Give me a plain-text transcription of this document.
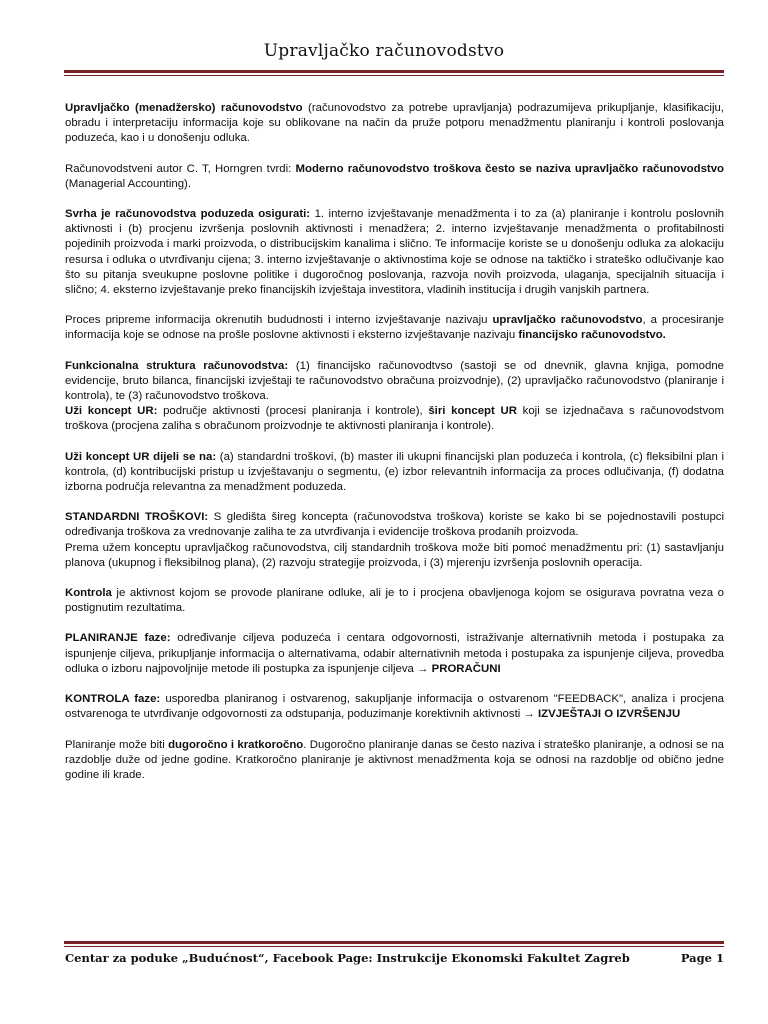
Upravljačko računovodstvo

Upravljačko (menadžersko) računovodstvo (računovodstvo za potrebe upravljanja) podrazumijeva prikupljanje, klasifikaciju, obradu i interpretaciju informacija koje su oblikovane na način da pruže potporu menadžmentu planiranju i kontroli poslovanja poduzeća, kao i u donošenju odluka.

Računovodstveni autor C. T, Horngren tvrdi: Moderno računovodstvo troškova često se naziva upravljačko računovodstvo (Managerial Accounting).

Svrha je računovodstva poduzeda osigurati: 1. interno izvještavanje menadžmenta i to za (a) planiranje i kontrolu poslovnih aktivnosti i (b) procjenu izvršenja poslovnih aktivnosti i menadžera; 2. interno izvještavanje menadžmenta o profitabilnosti pojedinih proizvoda i marki proizvoda, o distribucijskim kanalima i slično. Te informacije koriste se u donošenju odluka za alokaciju resursa i odluka o utvrđivanju cijena; 3. interno izvještavanje o aktivnostima koje se odnose na taktičko i strateško odlučivanje kao što su pitanja sveukupne poslovne politike i dugoročnog poslovanja, razvoja novih proizvoda, ulaganja, specijalnih situacija i slično; 4. eksterno izvještavanje preko financijskih izvještaja investitora, vladinih institucija i drugih vanjskih partnera.

Proces pripreme informacija okrenutih bududnosti i interno izvještavanje nazivaju upravljačko računovodstvo, a procesiranje informacija koje se odnose na prošle poslovne aktivnosti i eksterno izvještavanje nazivaju financijsko računovodstvo.

Funkcionalna struktura računovodstva: (1) financijsko računovodtvso (sastoji se od dnevnik, glavna knjiga, pomodne evidencije, bruto bilanca, financijski izvještaji te računovodstvo obračuna proizvodnje), (2) upravljačko računovodstvo (planiranje i kontrola), te (3) računovodstvo troškova.

Uži koncept UR: područje aktivnosti (procesi planiranja i kontrole), širi koncept UR koji se izjednačava s računovodstvom troškova (procjena zaliha s obračunom proizvodnje te aktivnosti planiranja i kontrole).

Uži koncept UR dijeli se na: (a) standardni troškovi, (b) master ili ukupni financijski plan poduzeća i kontrola, (c) fleksibilni plan i kontrola, (d) kontribucijski pristup u izvještavanju o segmentu, (e) izbor relevantnih informacija za proces odlučivanja, (f) dodatna izborna područja relevantna za menadžment poduzeda.

STANDARDNI TROŠKOVI: S gledišta šireg koncepta (računovodstva troškova) koriste se kako bi se pojednostavili postupci određivanja troškova za vrednovanje zaliha te za utvrđivanja i evidencije troškova prodanih proizvoda.

Prema užem konceptu upravljačkog računovodstva, cilj standardnih troškova može biti pomoć menadžmentu pri: (1) sastavljanju planova (ukupnog i fleksibilnog plana), (2) razvoju strategije proizvoda, i (3) mjerenju izvršenja poslovnih operacija.

Kontrola je aktivnost kojom se provode planirane odluke, ali je to i procjena obavljenoga kojom se osigurava povratna veza o postignutim rezultatima.

PLANIRANJE faze: određivanje ciljeva poduzeća i centara odgovornosti, istraživanje alternativnih metoda i postupaka za ispunjenje ciljeva, prikupljanje informacija o alternativama, odabir alternativnih metoda i postupaka za ispunjenje ciljeva, provedba odluka o izboru najpovoljnije metode ili postupka za ispunjenje ciljeva → PRORAČUNI

KONTROLA faze: usporedba planiranog i ostvarenog, sakupljanje informacija o ostvarenom "FEEDBACK", analiza i procjena ostvarenoga te utvrđivanje odgovornosti za odstupanja, poduzimanje korektivnih aktivnosti → IZVJEŠTAJI O IZVRŠENJU

Planiranje može biti dugoročno i kratkoročno. Dugoročno planiranje danas se često naziva i strateško planiranje, a odnosi se na razdoblje duže od jedne godine. Kratkoročno planiranje je aktivnost menadžmenta koja se odnosi na razdoblje od obično jedne godine ili krade.

Centar za poduke „Budućnost“, Facebook Page: Instrukcije Ekonomski Fakultet Zagreb	Page 1
